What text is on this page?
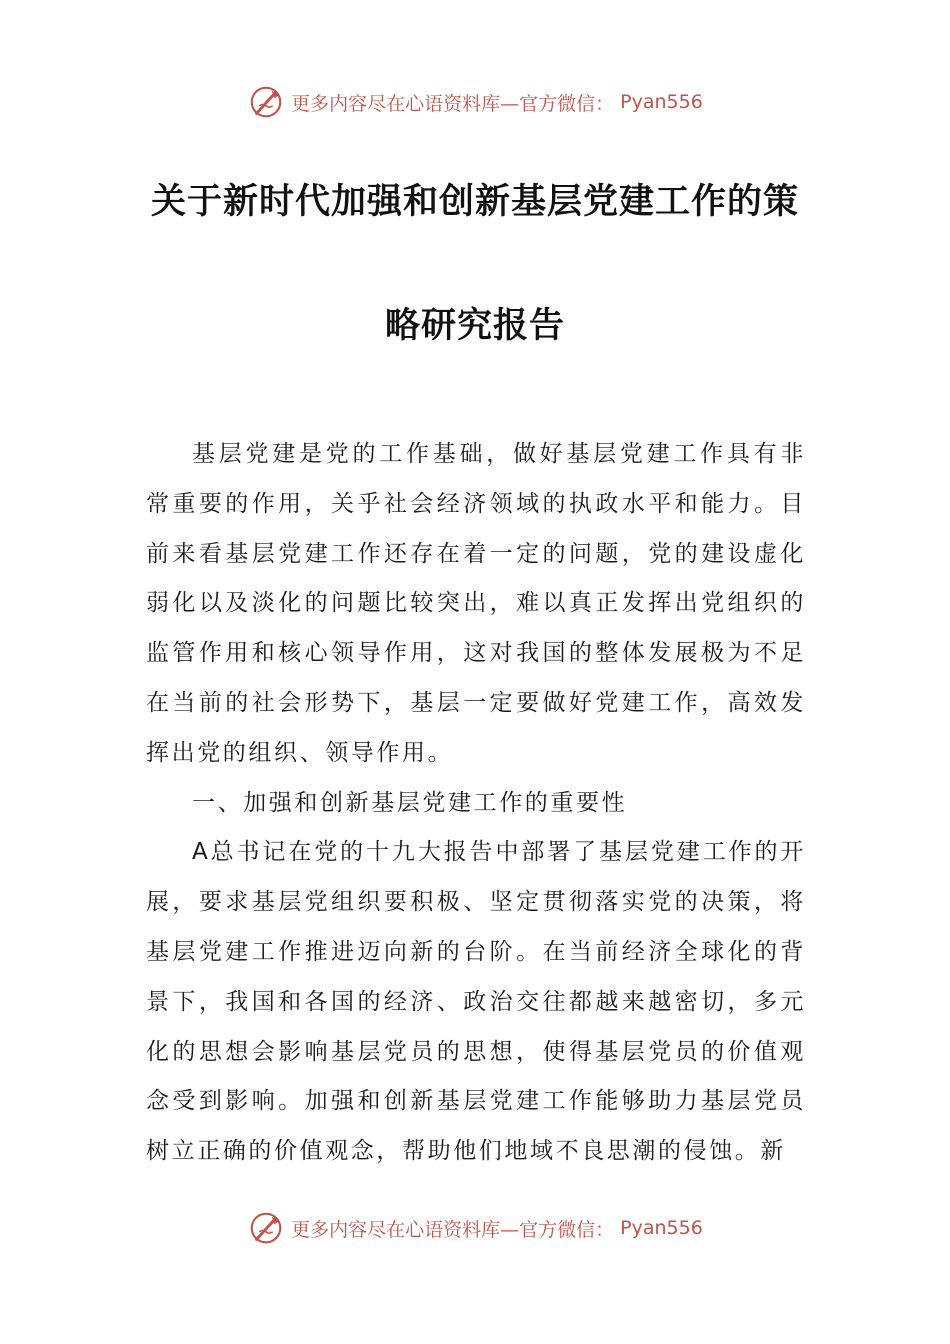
更多内容尽在心语资料库—官方微信： Pyan556
关于新时代加强和创新基层党建工作的策
略研究报告

基层党建是党的工作基础，做好基层党建工作具有非常重要的作用，关乎社会经济领域的执政水平和能力。目前来看基层党建工作还存在着一定的问题，党的建设虚化弱化以及淡化的问题比较突出，难以真正发挥出党组织的监管作用和核心领导作用，这对我国的整体发展极为不足在当前的社会形势下，基层一定要做好党建工作，高效发挥出党的组织、领导作用。

一、加强和创新基层党建工作的重要性

A总书记在党的十九大报告中部署了基层党建工作的开展，要求基层党组织要积极、坚定贯彻落实党的决策，将基层党建工作推进迈向新的台阶。在当前经济全球化的背景下，我国和各国的经济、政治交往都越来越密切，多元化的思想会影响基层党员的思想，使得基层党员的价值观念受到影响。加强和创新基层党建工作能够助力基层党员树立正确的价值观念，帮助他们地域不良思潮的侵蚀。新

更多内容尽在心语资料库—官方微信： Pyan556
